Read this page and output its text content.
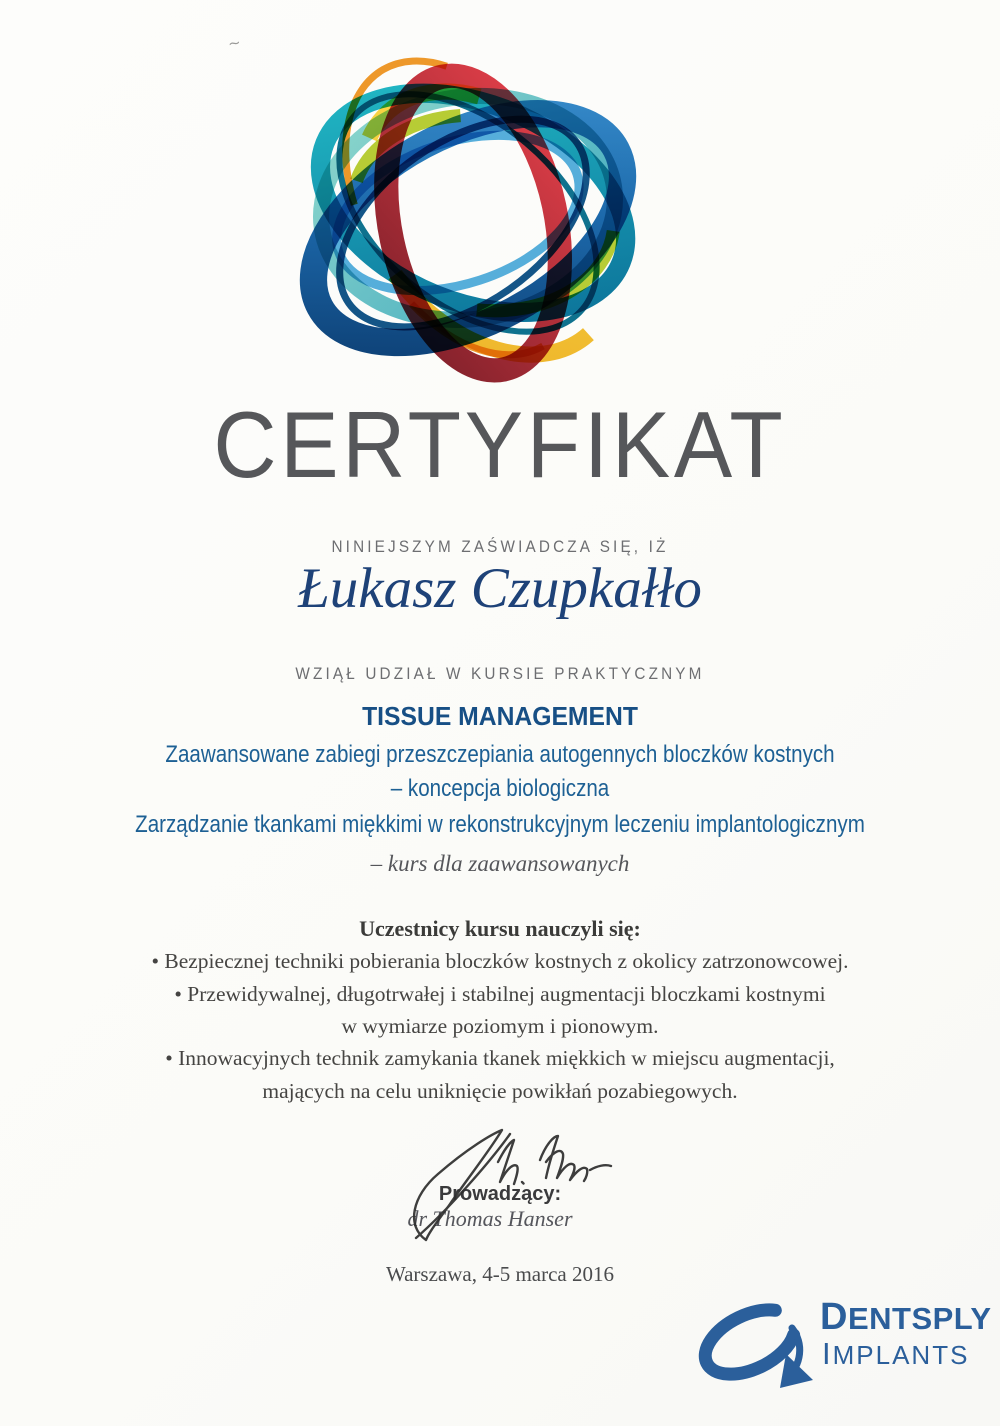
~
CERTYFIKAT
NINIEJSZYM ZAŚWIADCZA SIĘ, IŻ
Łukasz Czupkałło
WZIĄŁ UDZIAŁ W KURSIE PRAKTYCZNYM
TISSUE MANAGEMENT
Zaawansowane zabiegi przeszczepiania autogennych bloczków kostnych
– koncepcja biologiczna
Zarządzanie tkankami miękkimi w rekonstrukcyjnym leczeniu implantologicznym
– kurs dla zaawansowanych
Uczestnicy kursu nauczyli się:
• Bezpiecznej techniki pobierania bloczków kostnych z okolicy zatrzonowcowej.
• Przewidywalnej, długotrwałej i stabilnej augmentacji bloczkami kostnymi
w wymiarze poziomym i pionowym.
• Innowacyjnych technik zamykania tkanek miękkich w miejscu augmentacji,
mających na celu uniknięcie powikłań pozabiegowych.
Prowadzący:
dr Thomas Hanser
Warszawa, 4-5 marca 2016
DENTSPLY
IMPLANTS
